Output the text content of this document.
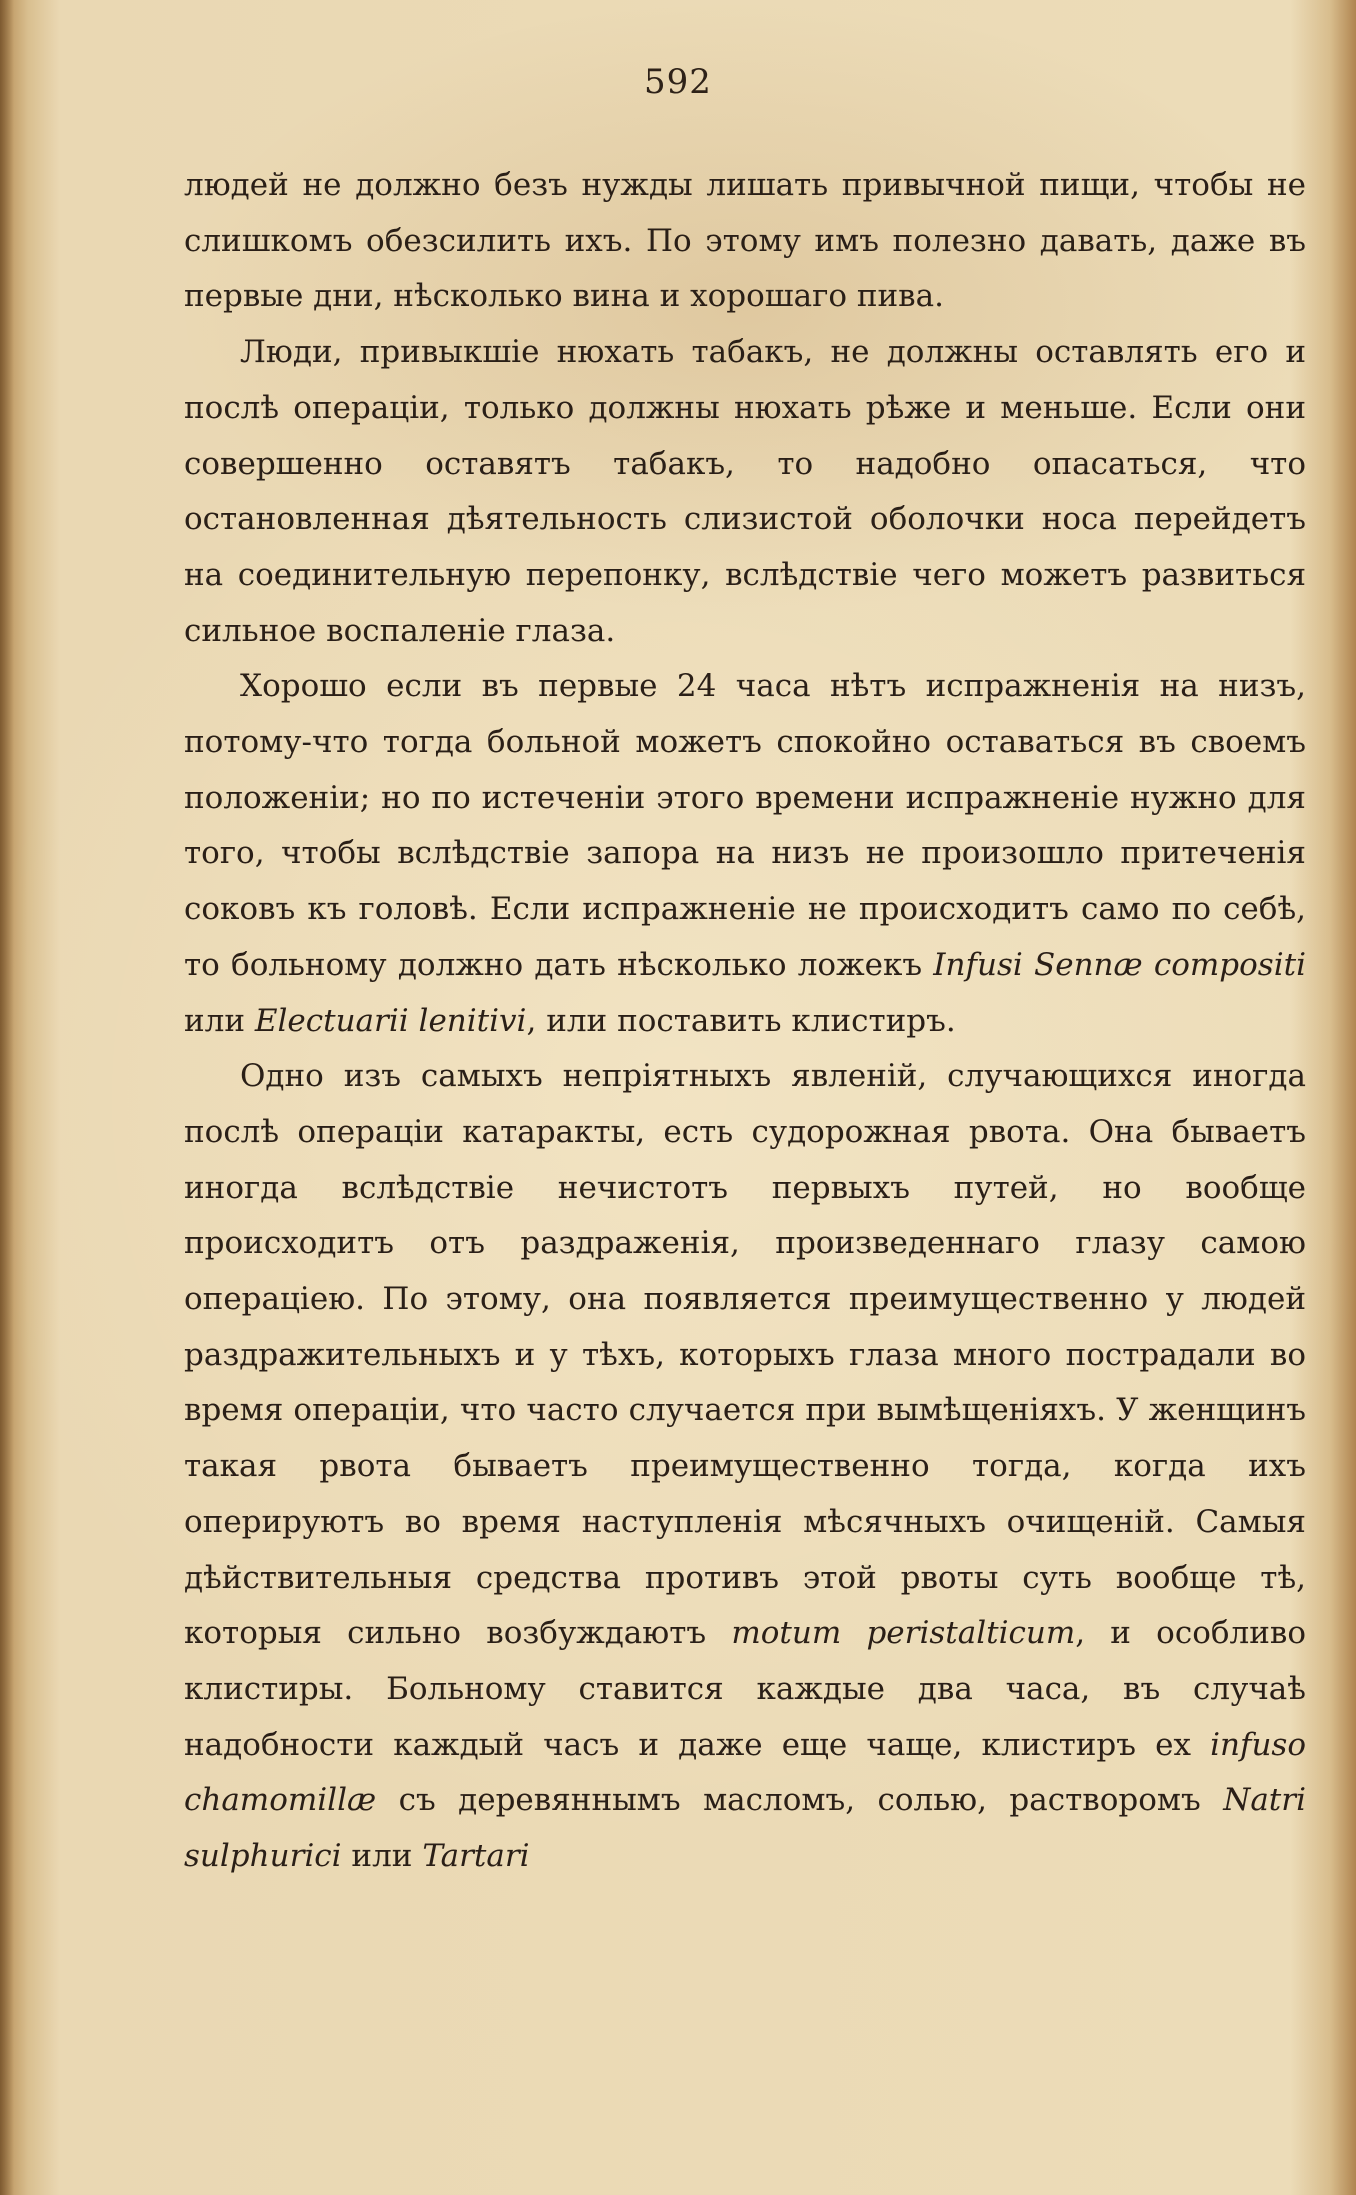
592

людей не должно безъ нужды лишать привычной пищи, чтобы не слишкомъ обезсилить ихъ. По этому имъ полезно давать, даже въ первые дни, нѣсколько вина и хорошаго пива.

Люди, привыкшіе нюхать табакъ, не должны оставлять его и послѣ операціи, только должны нюхать рѣже и меньше. Если они совершенно оставятъ табакъ, то надобно опасаться, что остановленная дѣятельность слизистой оболочки носа перейдетъ на соединительную перепонку, вслѣдствіе чего можетъ развиться сильное воспаленіе глаза.

Хорошо если въ первые 24 часа нѣтъ испражненія на низъ, потому-что тогда больной можетъ спокойно оставаться въ своемъ положеніи; но по истеченіи этого времени испражненіе нужно для того, чтобы вслѣдствіе запора на низъ не произошло притеченія соковъ къ головѣ. Если испражненіе не происходитъ само по себѣ, то больному должно дать нѣсколько ложекъ Infusi Sennæ compositi или Electuarii lenitivi, или поставить клистиръ.

Одно изъ самыхъ непріятныхъ явленій, случающихся иногда послѣ операціи катаракты, есть судорожная рвота. Она бываетъ иногда вслѣдствіе нечистотъ первыхъ путей, но вообще происходитъ отъ раздраженія, произведеннаго глазу самою операціею. По этому, она появляется преимущественно у людей раздражительныхъ и у тѣхъ, которыхъ глаза много пострадали во время операціи, что часто случается при вымѣщеніяхъ. У женщинъ такая рвота бываетъ преимущественно тогда, когда ихъ оперируютъ во время наступленія мѣсячныхъ очищеній. Самыя дѣйствительныя средства противъ этой рвоты суть вообще тѣ, которыя сильно возбуждаютъ motum peristalticum, и особливо клистиры. Больному ставится каждые два часа, въ случаѣ надобности каждый часъ и даже еще чаще, клистиръ ex infuso chamomillæ съ деревяннымъ масломъ, солью, растворомъ Natri sulphurici или Tartari
